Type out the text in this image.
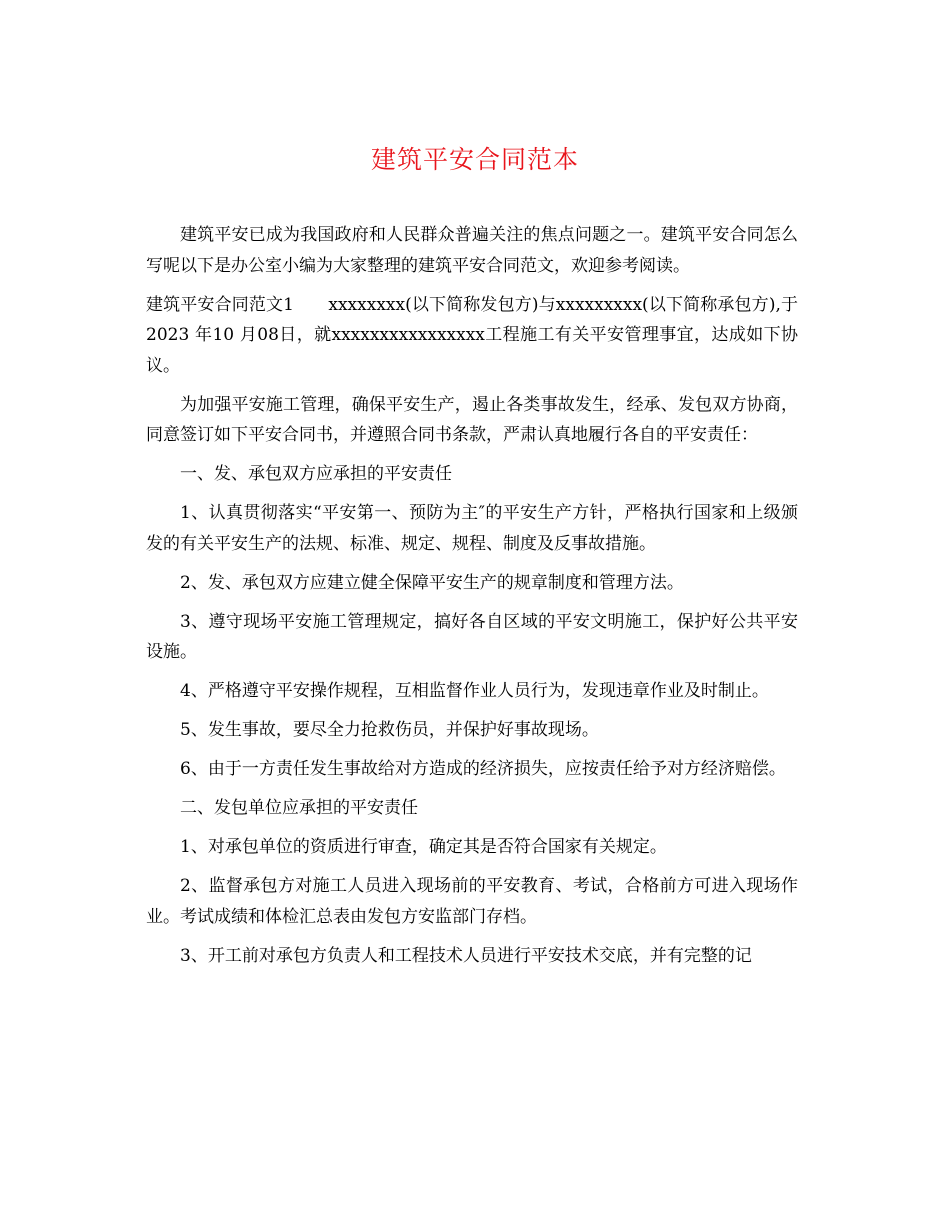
建筑平安合同范本

建筑平安已成为我国政府和人民群众普遍关注的焦点问题之一。建筑平安合同怎么写呢以下是办公室小编为大家整理的建筑平安合同范文，欢迎参考阅读。

建筑平安合同范文1　　xxxxxxxx(以下简称发包方)与xxxxxxxxx(以下简称承包方),于2023 年10 月08日，就xxxxxxxxxxxxxxxx工程施工有关平安管理事宜，达成如下协议。

为加强平安施工管理，确保平安生产，遏止各类事故发生，经承、发包双方协商，同意签订如下平安合同书，并遵照合同书条款，严肃认真地履行各自的平安责任：

一、发、承包双方应承担的平安责任

1、认真贯彻落实“平安第一、预防为主″的平安生产方针，严格执行国家和上级颁发的有关平安生产的法规、标准、规定、规程、制度及反事故措施。

2、发、承包双方应建立健全保障平安生产的规章制度和管理方法。

3、遵守现场平安施工管理规定，搞好各自区域的平安文明施工，保护好公共平安设施。

4、严格遵守平安操作规程，互相监督作业人员行为，发现违章作业及时制止。

5、发生事故，要尽全力抢救伤员，并保护好事故现场。

6、由于一方责任发生事故给对方造成的经济损失，应按责任给予对方经济赔偿。

二、发包单位应承担的平安责任

1、对承包单位的资质进行审查，确定其是否符合国家有关规定。

2、监督承包方对施工人员进入现场前的平安教育、考试，合格前方可进入现场作业。考试成绩和体检汇总表由发包方安监部门存档。

3、开工前对承包方负责人和工程技术人员进行平安技术交底，并有完整的记
